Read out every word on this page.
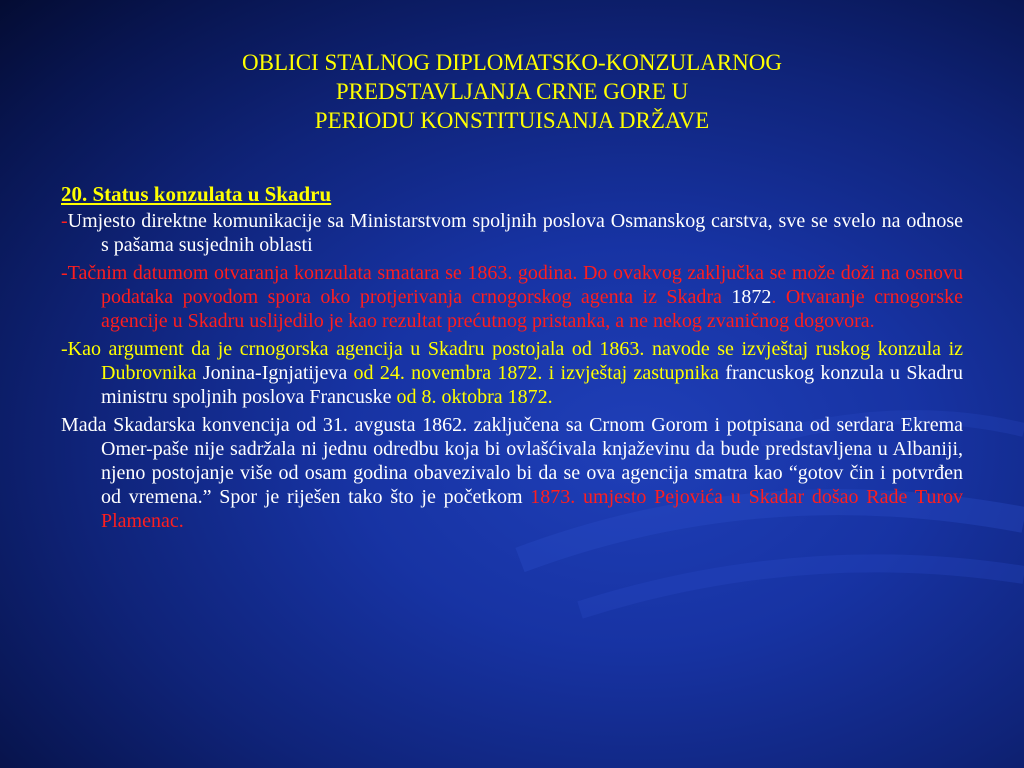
OBLICI STALNOG DIPLOMATSKO-KONZULARNOG
PREDSTAVLJANJA CRNE GORE U
PERIODU KONSTITUISANJA DRŽAVE

20. Status konzulata u Skadru

-Umjesto direktne komunikacije sa Ministarstvom spoljnih poslova Osmanskog carstva, sve se svelo na odnose s pašama susjednih oblasti

-Tačnim datumom otvaranja konzulata smatara se 1863. godina. Do ovakvog zaključka se može doži na osnovu podataka povodom spora oko protjerivanja crnogorskog agenta iz Skadra 1872. Otvaranje crnogorske agencije u Skadru uslijedilo je kao rezultat prećutnog pristanka, a ne nekog zvaničnog dogovora.

-Kao argument da je crnogorska agencija u Skadru postojala od 1863. navode se izvještaj ruskog konzula iz Dubrovnika Jonina-Ignjatijeva od 24. novembra 1872. i izvještaj zastupnika francuskog konzula u Skadru ministru spoljnih poslova Francuske od 8. oktobra 1872.

Mada Skadarska konvencija od 31. avgusta 1862. zaključena sa Crnom Gorom i potpisana od serdara Ekrema Omer-paše nije sadržala ni jednu odredbu koja bi ovlašćivala knjaževinu da bude predstavljena u Albaniji, njeno postojanje više od osam godina obavezivalo bi da se ova agencija smatra kao “gotov čin i potvrđen od vremena.” Spor je riješen tako što je početkom 1873. umjesto Pejovića u Skadar došao Rade Turov Plamenac.
